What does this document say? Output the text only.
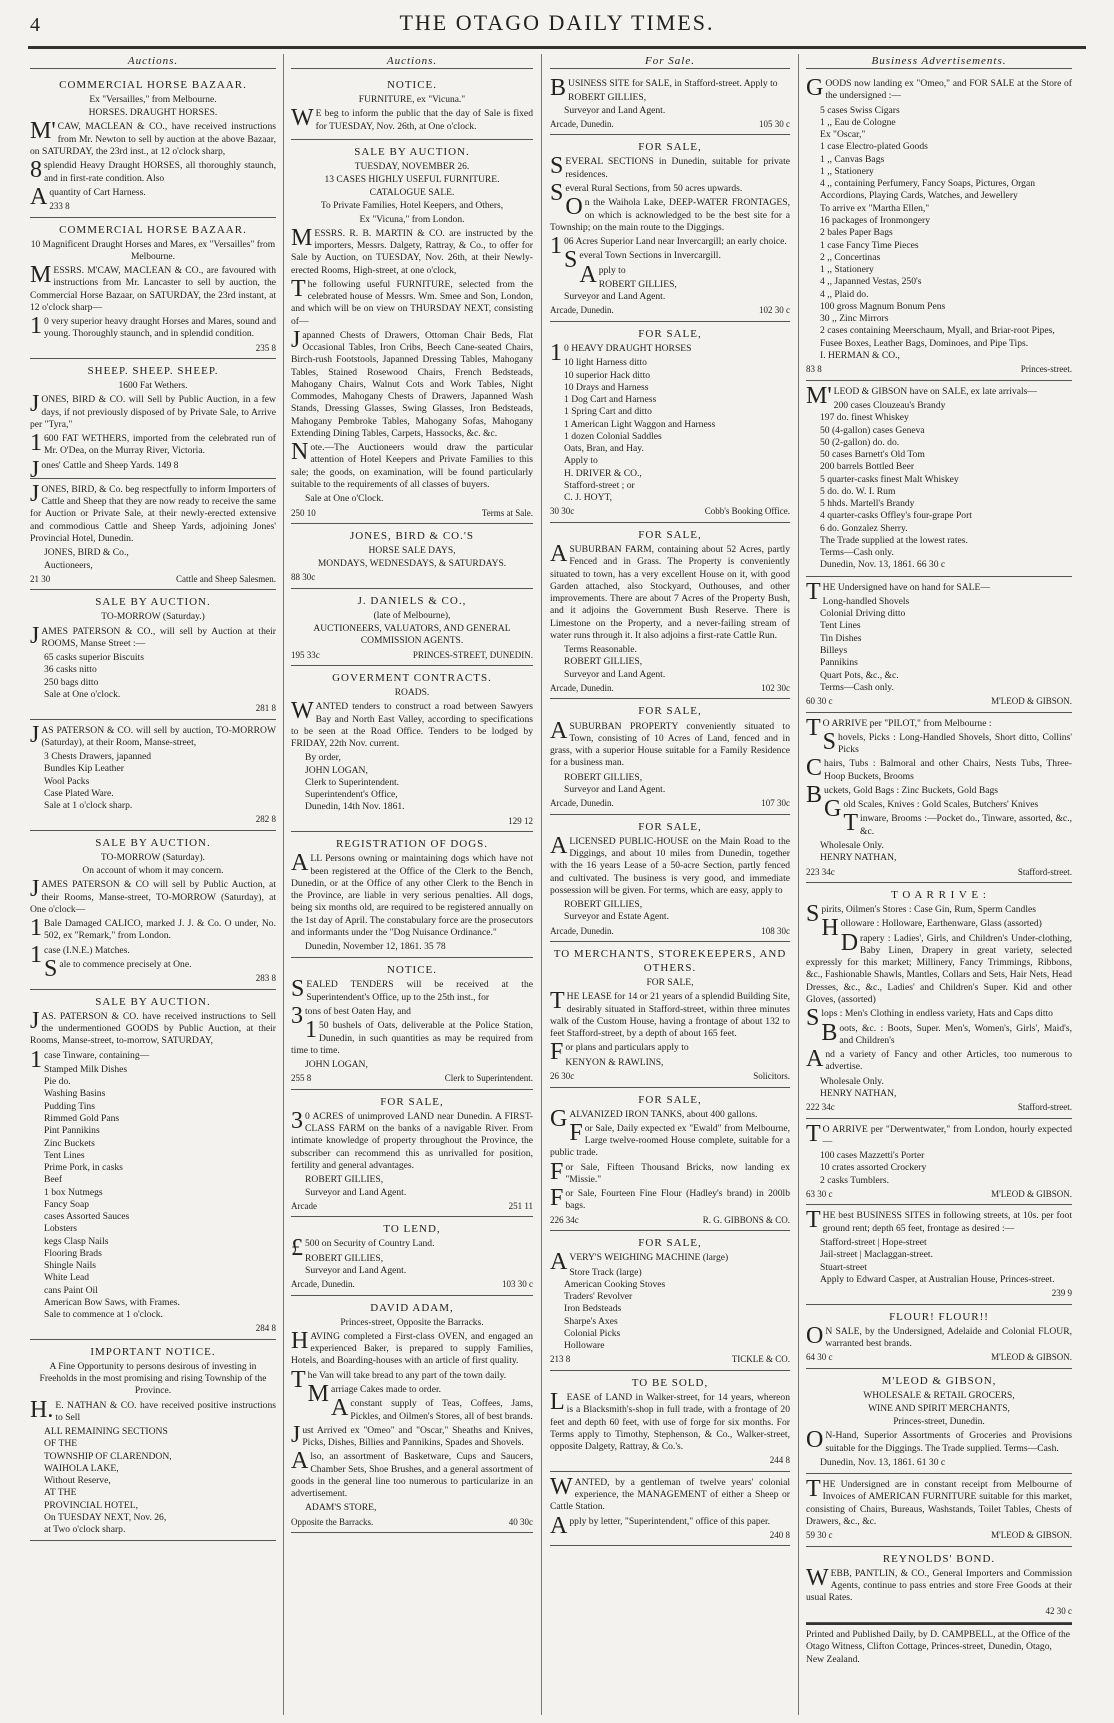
4	THE OTAGO DAILY TIMES.
Auctions.
COMMERCIAL HORSE BAZAAR.
Ex "Versailles," from Melbourne.
HORSES. DRAUGHT HORSES.

M'CAW, MACLEAN & CO., have received instructions from Mr. Newton to sell by auction at the above Bazaar, on SATURDAY, the 23rd inst., at 12 o'clock sharp,

8splendid Heavy Draught HORSES, all thoroughly staunch, and in first-rate condition. Also

Aquantity of Cart Harness.

233 8
COMMERCIAL HORSE BAZAAR.
10 Magnificent Draught Horses and Mares, ex "Versailles" from Melbourne.

MESSRS. M'CAW, MACLEAN & CO., are favoured with instructions from Mr. Lancaster to sell by auction, the Commercial Horse Bazaar, on SATURDAY, the 23rd instant, at 12 o'clock sharp—

10 very superior heavy draught Horses and Mares, sound and young. Thoroughly staunch, and in splendid condition.

235 8
SHEEP. SHEEP. SHEEP.
1600 Fat Wethers.

JONES, BIRD & CO. will Sell by Public Auction, in a few days, if not previously disposed of by Private Sale, to Arrive per "Tyra,"

1600 FAT WETHERS, imported from the celebrated run of Mr. O'Dea, on the Murray River, Victoria.

Jones' Cattle and Sheep Yards. 149 8

JONES, BIRD, & Co. beg respectfully to inform Importers of Cattle and Sheep that they are now ready to receive the same for Auction or Private Sale, at their newly-erected extensive and commodious Cattle and Sheep Yards, adjoining Jones' Provincial Hotel, Dunedin.

JONES, BIRD & Co.,
Auctioneers,
21 30	Cattle and Sheep Salesmen.
SALE BY AUCTION.
TO-MORROW (Saturday.)

JAMES PATERSON & CO., will sell by Auction at their ROOMS, Manse Street :—

65 casks superior Biscuits
36 casks nitto
250 bags ditto
Sale at One o'clock.
281 8

JAS PATERSON & CO. will sell by auction, TO-MORROW (Saturday), at their Room, Manse-street,

3 Chests Drawers, japanned
Bundles Kip Leather
Wool Packs
Case Plated Ware.
Sale at 1 o'clock sharp.
282 8
SALE BY AUCTION.
TO-MORROW (Saturday).
On account of whom it may concern.

JAMES PATERSON & CO will sell by Public Auction, at their Rooms, Manse-street, TO-MORROW (Saturday), at One o'clock—

1Bale Damaged CALICO, marked J. J. & Co. O under, No. 502, ex "Remark," from London.

1case (I.N.E.) Matches.

Sale to commence precisely at One.

283 8
SALE BY AUCTION.

JAS. PATERSON & CO. have received instructions to Sell the undermentioned GOODS by Public Auction, at their Rooms, Manse-street, to-morrow, SATURDAY,

1case Tinware, containing—

Stamped Milk Dishes
Pie do.
Washing Basins
Pudding Tins
Rimmed Gold Pans
Pint Pannikins
Zinc Buckets
Tent Lines
Prime Pork, in casks
Beef
1 box Nutmegs
Fancy Soap
cases Assorted Sauces
Lobsters
kegs Clasp Nails
Flooring Brads
Shingle Nails
White Lead
cans Paint Oil
American Bow Saws, with Frames.
Sale to commence at 1 o'clock.
284 8
IMPORTANT NOTICE.
A Fine Opportunity to persons desirous of investing in Freeholds in the most promising and rising Township of the Province.

H.E. NATHAN & CO. have received positive instructions to Sell

ALL REMAINING SECTIONS
OF THE
TOWNSHIP OF CLARENDON,
WAIHOLA LAKE,
Without Reserve,
AT THE
PROVINCIAL HOTEL,
On TUESDAY NEXT, Nov. 26,
at Two o'clock sharp.
Auctions.
NOTICE.
FURNITURE, ex "Vicuna."

WE beg to inform the public that the day of Sale is fixed for TUESDAY, Nov. 26th, at One o'clock.

SALE BY AUCTION.
TUESDAY, NOVEMBER 26.
13 CASES HIGHLY USEFUL FURNITURE.
CATALOGUE SALE.
To Private Families, Hotel Keepers, and Others,
Ex "Vicuna," from London.

MESSRS. R. B. MARTIN & CO. are instructed by the importers, Messrs. Dalgety, Rattray, & Co., to offer for Sale by Auction, on TUESDAY, Nov. 26th, at their Newly-erected Rooms, High-street, at one o'clock,

The following useful FURNITURE, selected from the celebrated house of Messrs. Wm. Smee and Son, London, and which will be on view on THURSDAY NEXT, consisting of—

Japanned Chests of Drawers, Ottoman Chair Beds, Flat Occasional Tables, Iron Cribs, Beech Cane-seated Chairs, Birch-rush Footstools, Japanned Dressing Tables, Mahogany Tables, Stained Rosewood Chairs, French Bedsteads, Mahogany Chairs, Walnut Cots and Work Tables, Night Commodes, Mahogany Chests of Drawers, Japanned Wash Stands, Dressing Glasses, Swing Glasses, Iron Bedsteads, Mahogany Pembroke Tables, Mahogany Sofas, Mahogany Extending Dining Tables, Carpets, Hassocks, &c. &c.

Note.—The Auctioneers would draw the particular attention of Hotel Keepers and Private Families to this sale; the goods, on examination, will be found particularly suitable to the requirements of all classes of buyers.

Sale at One o'Clock.
250 10	Terms at Sale.
JONES, BIRD & CO.'S
HORSE SALE DAYS,
MONDAYS, WEDNESDAYS, & SATURDAYS.
88 30c
J. DANIELS & CO.,
(late of Melbourne),
AUCTIONEERS, VALUATORS, AND GENERAL COMMISSION AGENTS.
195 33c	PRINCES-STREET, DUNEDIN.
GOVERMENT CONTRACTS.
ROADS.

WANTED tenders to construct a road between Sawyers Bay and North East Valley, according to specifications to be seen at the Road Office. Tenders to be lodged by FRIDAY, 22th Nov. current.

By order,
JOHN LOGAN,
Clerk to Superintendent.
Superintendent's Office,
Dunedin, 14th Nov. 1861.
129 12
REGISTRATION OF DOGS.

ALL Persons owning or maintaining dogs which have not been registered at the Office of the Clerk to the Bench, Dunedin, or at the Office of any other Clerk to the Bench in the Province, are liable in very serious penalties. All dogs, being six months old, are required to be registered annually on the 1st day of April. The constabulary force are the prosecutors and informants under the "Dog Nuisance Ordinance."

Dunedin, November 12, 1861. 35 78
NOTICE.

SEALED TENDERS will be received at the Superintendent's Office, up to the 25th inst., for

3tons of best Oaten Hay, and

150 bushels of Oats, deliverable at the Police Station, Dunedin, in such quantities as may be required from time to time.

JOHN LOGAN,
255 8	Clerk to Superintendent.
FOR SALE,

30 ACRES of unimproved LAND near Dunedin. A FIRST-CLASS FARM on the banks of a navigable River. From intimate knowledge of property throughout the Province, the subscriber can recommend this as unrivalled for position, fertility and general advantages.

ROBERT GILLIES,
Surveyor and Land Agent.
Arcade	251 11
TO LEND,

£500 on Security of Country Land.

ROBERT GILLIES,
Surveyor and Land Agent.
Arcade, Dunedin.	103 30 c
DAVID ADAM,
Princes-street, Opposite the Barracks.

HAVING completed a First-class OVEN, and engaged an experienced Baker, is prepared to supply Families, Hotels, and Boarding-houses with an article of first quality.

The Van will take bread to any part of the town daily.

Marriage Cakes made to order.

Aconstant supply of Teas, Coffees, Jams, Pickles, and Oilmen's Stores, all of best brands.

Just Arrived ex "Omeo" and "Oscar," Sheaths and Knives, Picks, Dishes, Billies and Pannikins, Spades and Shovels.

Also, an assortment of Basketware, Cups and Saucers, Chamber Sets, Shoe Brushes, and a general assortment of goods in the general line too numerous to particularize in an advertisement.

ADAM'S STORE,
Opposite the Barracks.	40 30c
For Sale.

BUSINESS SITE for SALE, in Stafford-street. Apply to

ROBERT GILLIES,
Surveyor and Land Agent.
Arcade, Dunedin.	105 30 c
FOR SALE,

SEVERAL SECTIONS in Dunedin, suitable for private residences.

Several Rural Sections, from 50 acres upwards.

On the Waihola Lake, DEEP-WATER FRONTAGES, on which is acknowledged to be the best site for a Township; on the main route to the Diggings.

106 Acres Superior Land near Invercargill; an early choice.

Several Town Sections in Invercargill.

Apply to

ROBERT GILLIES,
Surveyor and Land Agent.
Arcade, Dunedin.	102 30 c
FOR SALE,

10 HEAVY DRAUGHT HORSES

10 light Harness ditto
10 superior Hack ditto
10 Drays and Harness
1 Dog Cart and Harness
1 Spring Cart and ditto
1 American Light Waggon and Harness
1 dozen Colonial Saddles
Oats, Bran, and Hay.
Apply to
H. DRIVER & CO.,
Stafford-street ; or
C. J. HOYT,
30 30c	Cobb's Booking Office.
FOR SALE,

ASUBURBAN FARM, containing about 52 Acres, partly Fenced and in Grass. The Property is conveniently situated to town, has a very excellent House on it, with good Garden attached, also Stockyard, Outhouses, and other improvements. There are about 7 Acres of the Property Bush, and it adjoins the Government Bush Reserve. There is Limestone on the Property, and a never-failing stream of water runs through it. It also adjoins a first-rate Cattle Run.

Terms Reasonable.
ROBERT GILLIES,
Surveyor and Land Agent.
Arcade, Dunedin.	102 30c
FOR SALE,

ASUBURBAN PROPERTY conveniently situated to Town, consisting of 10 Acres of Land, fenced and in grass, with a superior House suitable for a Family Residence for a business man.

ROBERT GILLIES,
Surveyor and Land Agent.
Arcade, Dunedin.	107 30c
FOR SALE,

ALICENSED PUBLIC-HOUSE on the Main Road to the Diggings, and about 10 miles from Dunedin, together with the 16 years Lease of a 50-acre Section, partly fenced and cultivated. The business is very good, and immediate possession will be given. For terms, which are easy, apply to

ROBERT GILLIES,
Surveyor and Estate Agent.
Arcade, Dunedin.	108 30c
TO MERCHANTS, STOREKEEPERS, AND OTHERS.
FOR SALE,

THE LEASE for 14 or 21 years of a splendid Building Site, desirably situated in Stafford-street, within three minutes walk of the Custom House, having a frontage of about 132 to feet Stafford-street, by a depth of about 165 feet.

For plans and particulars apply to

KENYON & RAWLINS,
26 30c	Solicitors.
FOR SALE,

GALVANIZED IRON TANKS, about 400 gallons.

For Sale, Daily expected ex "Ewald" from Melbourne, Large twelve-roomed House complete, suitable for a public trade.

For Sale, Fifteen Thousand Bricks, now landing ex "Missie."

For Sale, Fourteen Fine Flour (Hadley's brand) in 200lb bags.

226 34c	R. G. GIBBONS & CO.
FOR SALE,

AVERY'S WEIGHING MACHINE (large)

Store Track (large)
American Cooking Stoves
Traders' Revolver
Iron Bedsteads
Sharpe's Axes
Colonial Picks
Holloware
213 8	TICKLE & CO.
TO BE SOLD,

LEASE of LAND in Walker-street, for 14 years, whereon is a Blacksmith's-shop in full trade, with a frontage of 20 feet and depth 60 feet, with use of forge for six months. For Terms apply to Timothy, Stephenson, & Co., Walker-street, opposite Dalgety, Rattray, & Co.'s.

244 8

WANTED, by a gentleman of twelve years' colonial experience, the MANAGEMENT of either a Sheep or Cattle Station.

Apply by letter, "Superintendent," office of this paper.

240 8
Business Advertisements.

GOODS now landing ex "Omeo," and FOR SALE at the Store of the undersigned :—

5 cases Swiss Cigars
1 ,, Eau de Cologne
Ex "Oscar,"
1 case Electro-plated Goods
1 ,, Canvas Bags
1 ,, Stationery
4 ,, containing Perfumery, Fancy Soaps, Pictures, Organ Accordions, Playing Cards, Watches, and Jewellery
To arrive ex "Martha Ellen,"
16 packages of Ironmongery
2 bales Paper Bags
1 case Fancy Time Pieces
2 ,, Concertinas
1 ,, Stationery
4 ,, Japanned Vestas, 250's
4 ,, Plaid do.
100 gross Magnum Bonum Pens
30 ,, Zinc Mirrors
2 cases containing Meerschaum, Myall, and Briar-root Pipes, Fusee Boxes, Leather Bags, Dominoes, and Pipe Tips.
I. HERMAN & CO.,
83 8	Princes-street.

M'LEOD & GIBSON have on SALE, ex late arrivals—

200 cases Clouzeau's Brandy
197 do. finest Whiskey
50 (4-gallon) cases Geneva
50 (2-gallon) do. do.
50 cases Barnett's Old Tom
200 barrels Bottled Beer
5 quarter-casks finest Malt Whiskey
5 do. do. W. I. Rum
5 hhds. Martell's Brandy
4 quarter-casks Offley's four-grape Port
6 do. Gonzalez Sherry.
The Trade supplied at the lowest rates.
Terms—Cash only.
Dunedin, Nov. 13, 1861. 66 30 c

THE Undersigned have on hand for SALE—

Long-handled Shovels
Colonial Driving ditto
Tent Lines
Tin Dishes
Billeys
Pannikins
Quart Pots, &c., &c.
Terms—Cash only.
60 30 c	M'LEOD & GIBSON.

TO ARRIVE per "PILOT," from Melbourne :

Shovels, Picks : Long-Handled Shovels, Short ditto, Collins' Picks

Chairs, Tubs : Balmoral and other Chairs, Nests Tubs, Three-Hoop Buckets, Brooms

Buckets, Gold Bags : Zinc Buckets, Gold Bags

Gold Scales, Knives : Gold Scales, Butchers' Knives

Tinware, Brooms :—Pocket do., Tinware, assorted, &c., &c.

Wholesale Only.
HENRY NATHAN,
223 34c	Stafford-street.
T O A R R I V E :

Spirits, Oilmen's Stores : Case Gin, Rum, Sperm Candles

Holloware : Holloware, Earthenware, Glass (assorted)

Drapery : Ladies', Girls, and Children's Under-clothing, Baby Linen, Drapery in great variety, selected expressly for this market; Millinery, Fancy Trimmings, Ribbons, &c., Fashionable Shawls, Mantles, Collars and Sets, Hair Nets, Head Dresses, &c., &c., Ladies' and Children's Super. Kid and other Gloves, (assorted)

Slops : Men's Clothing in endless variety, Hats and Caps ditto

Boots, &c. : Boots, Super. Men's, Women's, Girls', Maid's, and Children's

And a variety of Fancy and other Articles, too numerous to advertise.

Wholesale Only.
HENRY NATHAN,
222 34c	Stafford-street.

TO ARRIVE per "Derwentwater," from London, hourly expected—

100 cases Mazzetti's Porter
10 crates assorted Crockery
2 casks Tumblers.
63 30 c	M'LEOD & GIBSON.

THE best BUSINESS SITES in following streets, at 10s. per foot ground rent; depth 65 feet, frontage as desired :—

Stafford-street | Hope-street
Jail-street | Maclaggan-street.
Stuart-street
Apply to Edward Casper, at Australian House, Princes-street.
239 9
FLOUR! FLOUR!!

ON SALE, by the Undersigned, Adelaide and Colonial FLOUR, warranted best brands.

64 30 c	M'LEOD & GIBSON.
M'LEOD & GIBSON,
WHOLESALE & RETAIL GROCERS,
WINE AND SPIRIT MERCHANTS,
Princes-street, Dunedin.

ON-Hand, Superior Assortments of Groceries and Provisions suitable for the Diggings. The Trade supplied. Terms—Cash.

Dunedin, Nov. 13, 1861. 61 30 c

THE Undersigned are in constant receipt from Melbourne of Invoices of AMERICAN FURNITURE suitable for this market, consisting of Chairs, Bureaus, Washstands, Toilet Tables, Chests of Drawers, &c., &c.

59 30 c	M'LEOD & GIBSON.
REYNOLDS' BOND.

WEBB, PANTLIN, & CO., General Importers and Commission Agents, continue to pass entries and store Free Goods at their usual Rates.

42 30 c
Printed and Published Daily, by D. CAMPBELL, at the Office of the Otago Witness, Clifton Cottage, Princes-street, Dunedin, Otago, New Zealand.
